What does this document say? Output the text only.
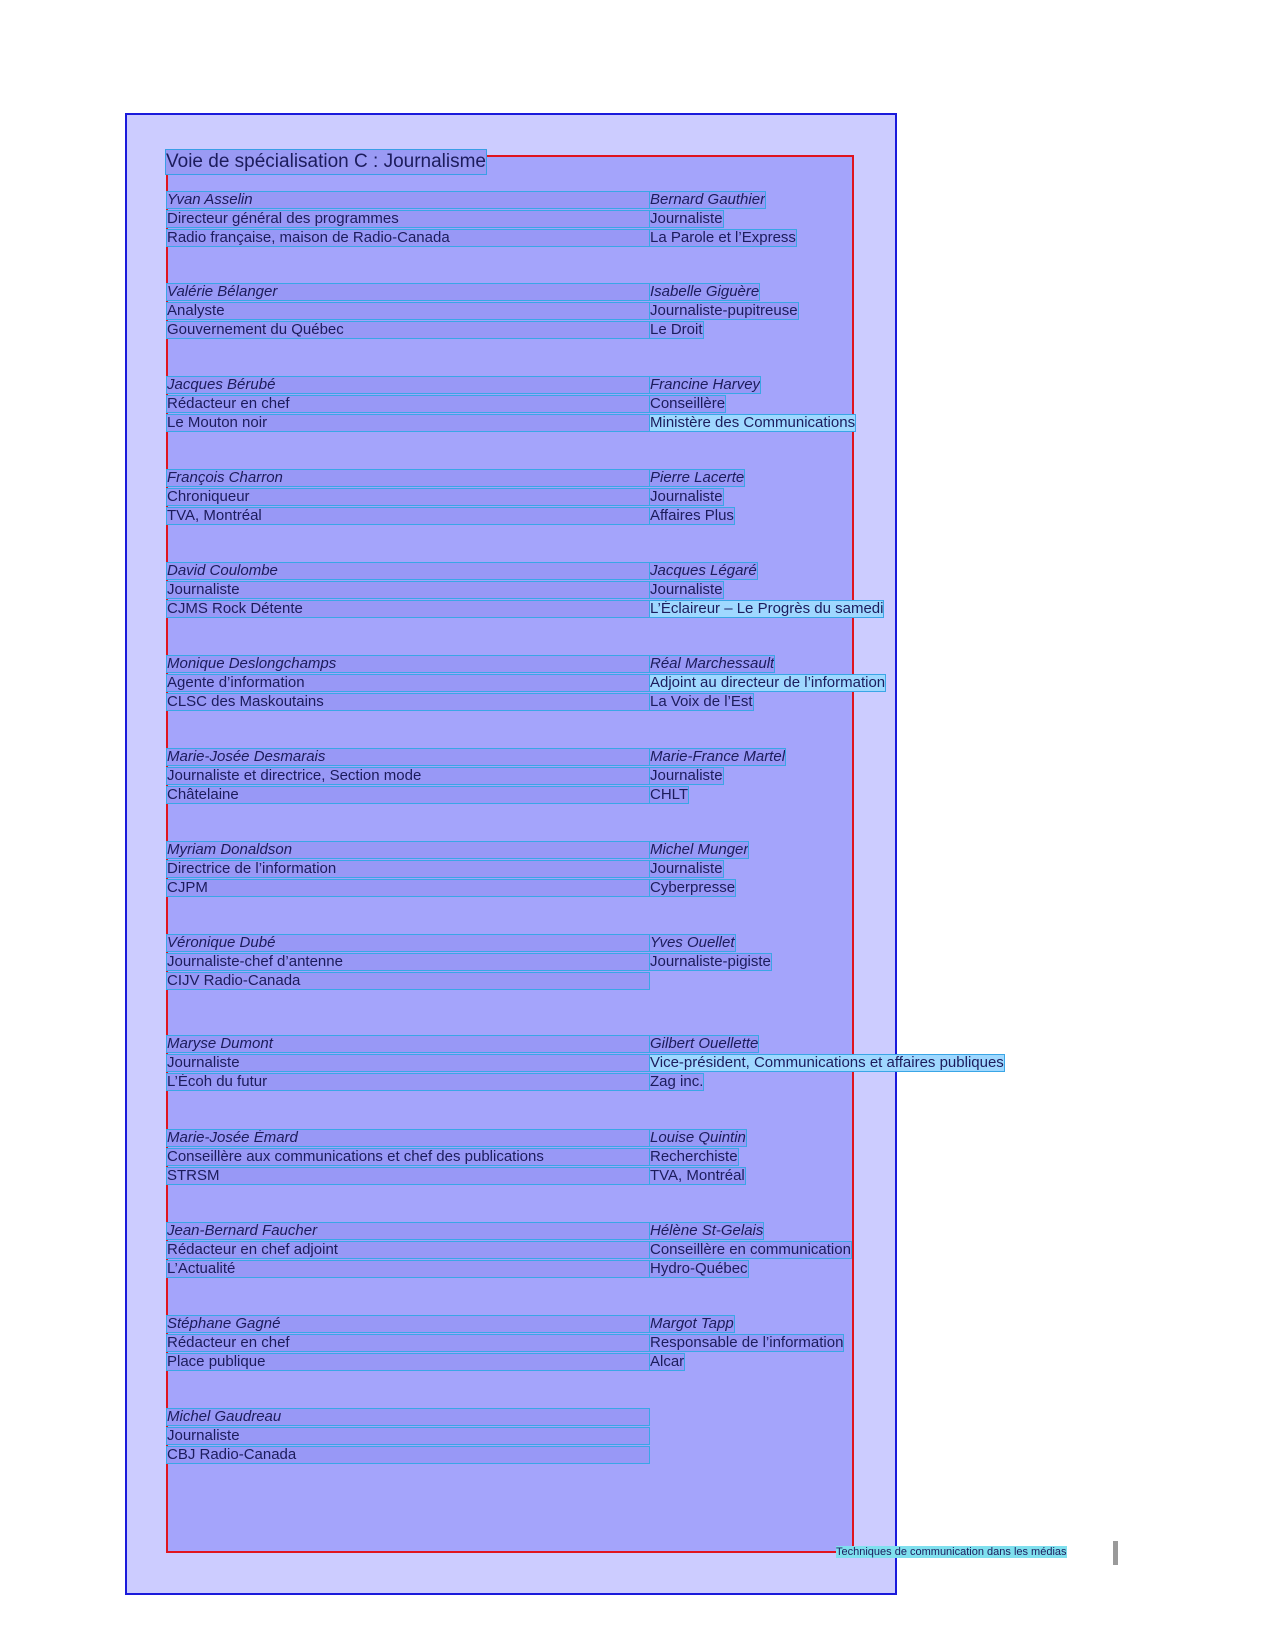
Voie de spécialisation C : Journalisme
Yvan Asselin
Directeur général des programmes
Radio française, maison de Radio-Canada
Valérie Bélanger
Analyste
Gouvernement du Québec
Jacques Bérubé
Rédacteur en chef
Le Mouton noir
François Charron
Chroniqueur
TVA, Montréal
David Coulombe
Journaliste
CJMS Rock Détente
Monique Deslongchamps
Agente d’information
CLSC des Maskoutains
Marie-Josée Desmarais
Journaliste et directrice, Section mode
Châtelaine
Myriam Donaldson
Directrice de l’information
CJPM
Véronique Dubé
Journaliste-chef d’antenne
CIJV Radio-Canada
Maryse Dumont
Journaliste
L’Écoh du futur
Marie-Josée Émard
Conseillère aux communications et chef des publications
STRSM
Jean-Bernard Faucher
Rédacteur en chef adjoint
L’Actualité
Stéphane Gagné
Rédacteur en chef
Place publique
Michel Gaudreau
Journaliste
CBJ Radio-Canada
Bernard Gauthier
Journaliste
La Parole et l’Express
Isabelle Giguère
Journaliste-pupitreuse
Le Droit
Francine Harvey
Conseillère
Ministère des Communications
Pierre Lacerte
Journaliste
Affaires Plus
Jacques Légaré
Journaliste
L’Éclaireur – Le Progrès du samedi
Réal Marchessault
Adjoint au directeur de l’information
La Voix de l’Est
Marie-France Martel
Journaliste
CHLT
Michel Munger
Journaliste
Cyberpresse
Yves Ouellet
Journaliste-pigiste
Gilbert Ouellette
Vice-président, Communications et affaires publiques
Zag inc.
Louise Quintin
Recherchiste
TVA, Montréal
Hélène St-Gelais
Conseillère en communication
Hydro-Québec
Margot Tapp
Responsable de l’information
Alcar
Techniques de communication dans les médias
